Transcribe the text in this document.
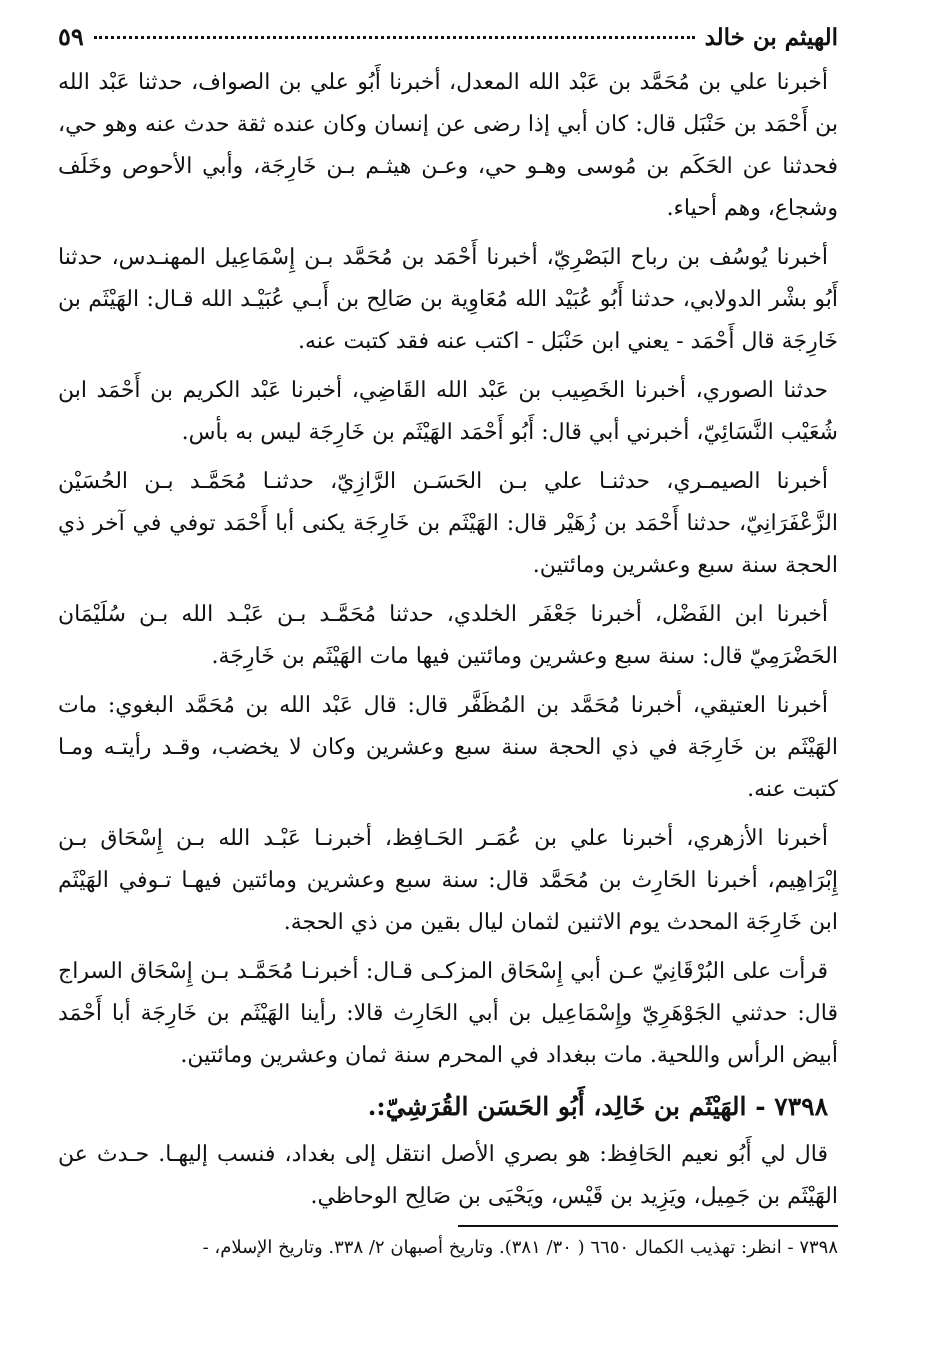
الهيثم بن خالد
٥٩

أخبرنا علي بن مُحَمَّد بن عَبْد الله المعدل، أخبرنا أَبُو علي بن الصواف، حدثنا عَبْد الله بن أَحْمَد بن حَنْبَل قال: كان أبي إذا رضى عن إنسان وكان عنده ثقة حدث عنه وهو حي، فحدثنا عن الحَكَم بن مُوسى وهـو حي، وعـن هيثـم بـن خَارِجَة، وأبي الأحوص وخَلَف وشجاع، وهم أحياء.

أخبرنا يُوسُف بن رباح البَصْرِيّ، أخبرنا أَحْمَد بن مُحَمَّد بـن إِسْمَاعِيل المهنـدس، حدثنا أَبُو بشْر الدولابي، حدثنا أَبُو عُبَيْد الله مُعَاوِية بن صَالِح بن أَبـي عُبَيْـد الله قـال: الهَيْثَم بن خَارِجَة قال أَحْمَد - يعني ابن حَنْبَل - اكتب عنه فقد كتبت عنه.

حدثنا الصوري، أخبرنا الخَصِيب بن عَبْد الله القَاضِي، أخبرنا عَبْد الكريم بن أَحْمَد ابن شُعَيْب النَّسَائِيّ، أخبرني أبي قال: أَبُو أَحْمَد الهَيْثَم بن خَارِجَة ليس به بأس.

أخبرنا الصيمـري، حدثنـا علي بـن الحَسَـن الرَّازِيّ، حدثنـا مُحَمَّـد بـن الحُسَيْن الزَّعْفَرَانِيّ، حدثنا أَحْمَد بن زُهَيْر قال: الهَيْثَم بن خَارِجَة يكنى أبا أَحْمَد توفي في آخر ذي الحجة سنة سبع وعشرين ومائتين.

أخبرنا ابن الفَضْل، أخبرنا جَعْفَر الخلدي، حدثنا مُحَمَّـد بـن عَبْـد الله بـن سُلَيْمَان الحَضْرَمِيّ قال: سنة سبع وعشرين ومائتين فيها مات الهَيْثَم بن خَارِجَة.

أخبرنا العتيقي، أخبرنا مُحَمَّد بن المُظَفَّر قال: قال عَبْد الله بن مُحَمَّد البغوي: مات الهَيْثَم بن خَارِجَة في ذي الحجة سنة سبع وعشرين وكان لا يخضب، وقـد رأيتـه ومـا كتبت عنه.

أخبرنا الأزهري، أخبرنا علي بن عُمَـر الحَـافِظ، أخبرنـا عَبْـد الله بـن إِسْحَاق بـن إِبْرَاهِيم، أخبرنا الحَارِث بن مُحَمَّد قال: سنة سبع وعشرين ومائتين فيهـا تـوفي الهَيْثَم ابن خَارِجَة المحدث يوم الاثنين لثمان ليال بقين من ذي الحجة.

قرأت على البُرْقَانِيّ عـن أبي إِسْحَاق المزكـى قـال: أخبرنـا مُحَمَّـد بـن إِسْحَاق السراج قال: حدثني الجَوْهَرِيّ وإِسْمَاعِيل بن أبي الحَارِث قالا: رأينا الهَيْثَم بن خَارِجَة أبا أَحْمَد أبيض الرأس واللحية. مات ببغداد في المحرم سنة ثمان وعشرين ومائتين.

٧٣٩٨ - الهَيْثَم بن خَالِد، أَبُو الحَسَن القُرَشِيّ:.

قال لي أَبُو نعيم الحَافِظ: هو بصري الأصل انتقل إلى بغداد، فنسب إليهـا. حـدث عن الهَيْثَم بن جَمِيل، ويَزِيد بن قَيْس، ويَحْيَى بن صَالِح الوحاظي.

٧٣٩٨ - انظر: تهذيب الكمال ٦٦٥٠ ( ٣٠/ ٣٨١). وتاريخ أصبهان ٢/ ٣٣٨. وتاريخ الإسلام، -
